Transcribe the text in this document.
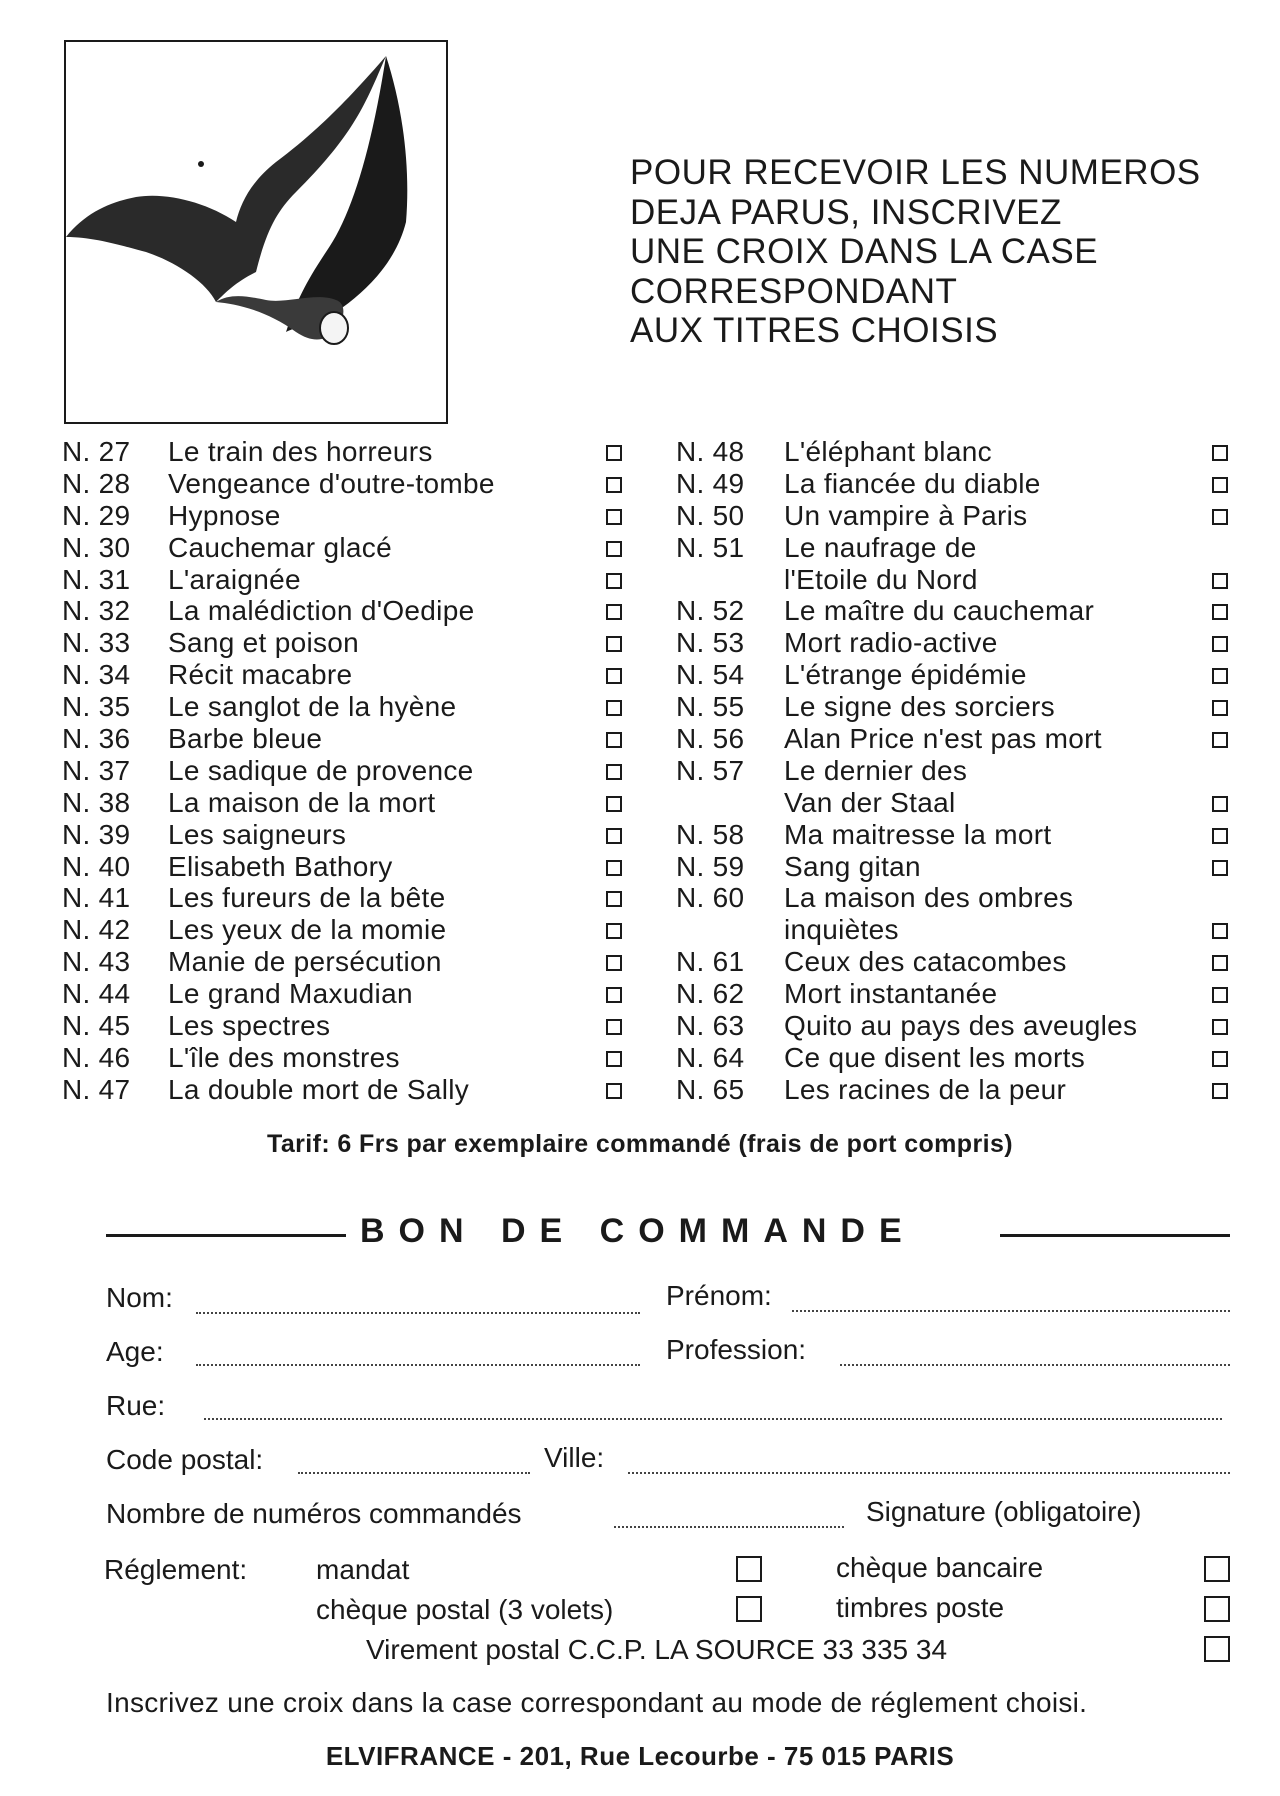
POUR RECEVOIR LES NUMEROS
DEJA PARUS, INSCRIVEZ
UNE CROIX DANS LA CASE
CORRESPONDANT
AUX TITRES CHOISIS
N. 27 Le train des horreurs
N. 28 Vengeance d'outre-tombe
N. 29 Hypnose
N. 30 Cauchemar glacé
N. 31 L'araignée
N. 32 La malédiction d'Oedipe
N. 33 Sang et poison
N. 34 Récit macabre
N. 35 Le sanglot de la hyène
N. 36 Barbe bleue
N. 37 Le sadique de provence
N. 38 La maison de la mort
N. 39 Les saigneurs
N. 40 Elisabeth Bathory
N. 41 Les fureurs de la bête
N. 42 Les yeux de la momie
N. 43 Manie de persécution
N. 44 Le grand Maxudian
N. 45 Les spectres
N. 46 L'île des monstres
N. 47 La double mort de Sally
N. 48 L'éléphant blanc
N. 49 La fiancée du diable
N. 50 Un vampire à Paris
N. 51 Le naufrage de
l'Etoile du Nord
N. 52 Le maître du cauchemar
N. 53 Mort radio-active
N. 54 L'étrange épidémie
N. 55 Le signe des sorciers
N. 56 Alan Price n'est pas mort
N. 57 Le dernier des
Van der Staal
N. 58 Ma maitresse la mort
N. 59 Sang gitan
N. 60 La maison des ombres
inquiètes
N. 61 Ceux des catacombes
N. 62 Mort instantanée
N. 63 Quito au pays des aveugles
N. 64 Ce que disent les morts
N. 65 Les racines de la peur
Tarif: 6 Frs par exemplaire commandé (frais de port compris)
BON DE COMMANDE
Nom:	Prénom:
Age:	Profession:
Rue:
Code postal:	Ville:
Nombre de numéros commandés	Signature (obligatoire)
Réglement: mandat	chèque bancaire
chèque postal (3 volets)	timbres poste
Virement postal C.C.P. LA SOURCE 33 335 34
Inscrivez une croix dans la case correspondant au mode de réglement choisi.
ELVIFRANCE - 201, Rue Lecourbe - 75 015 PARIS
